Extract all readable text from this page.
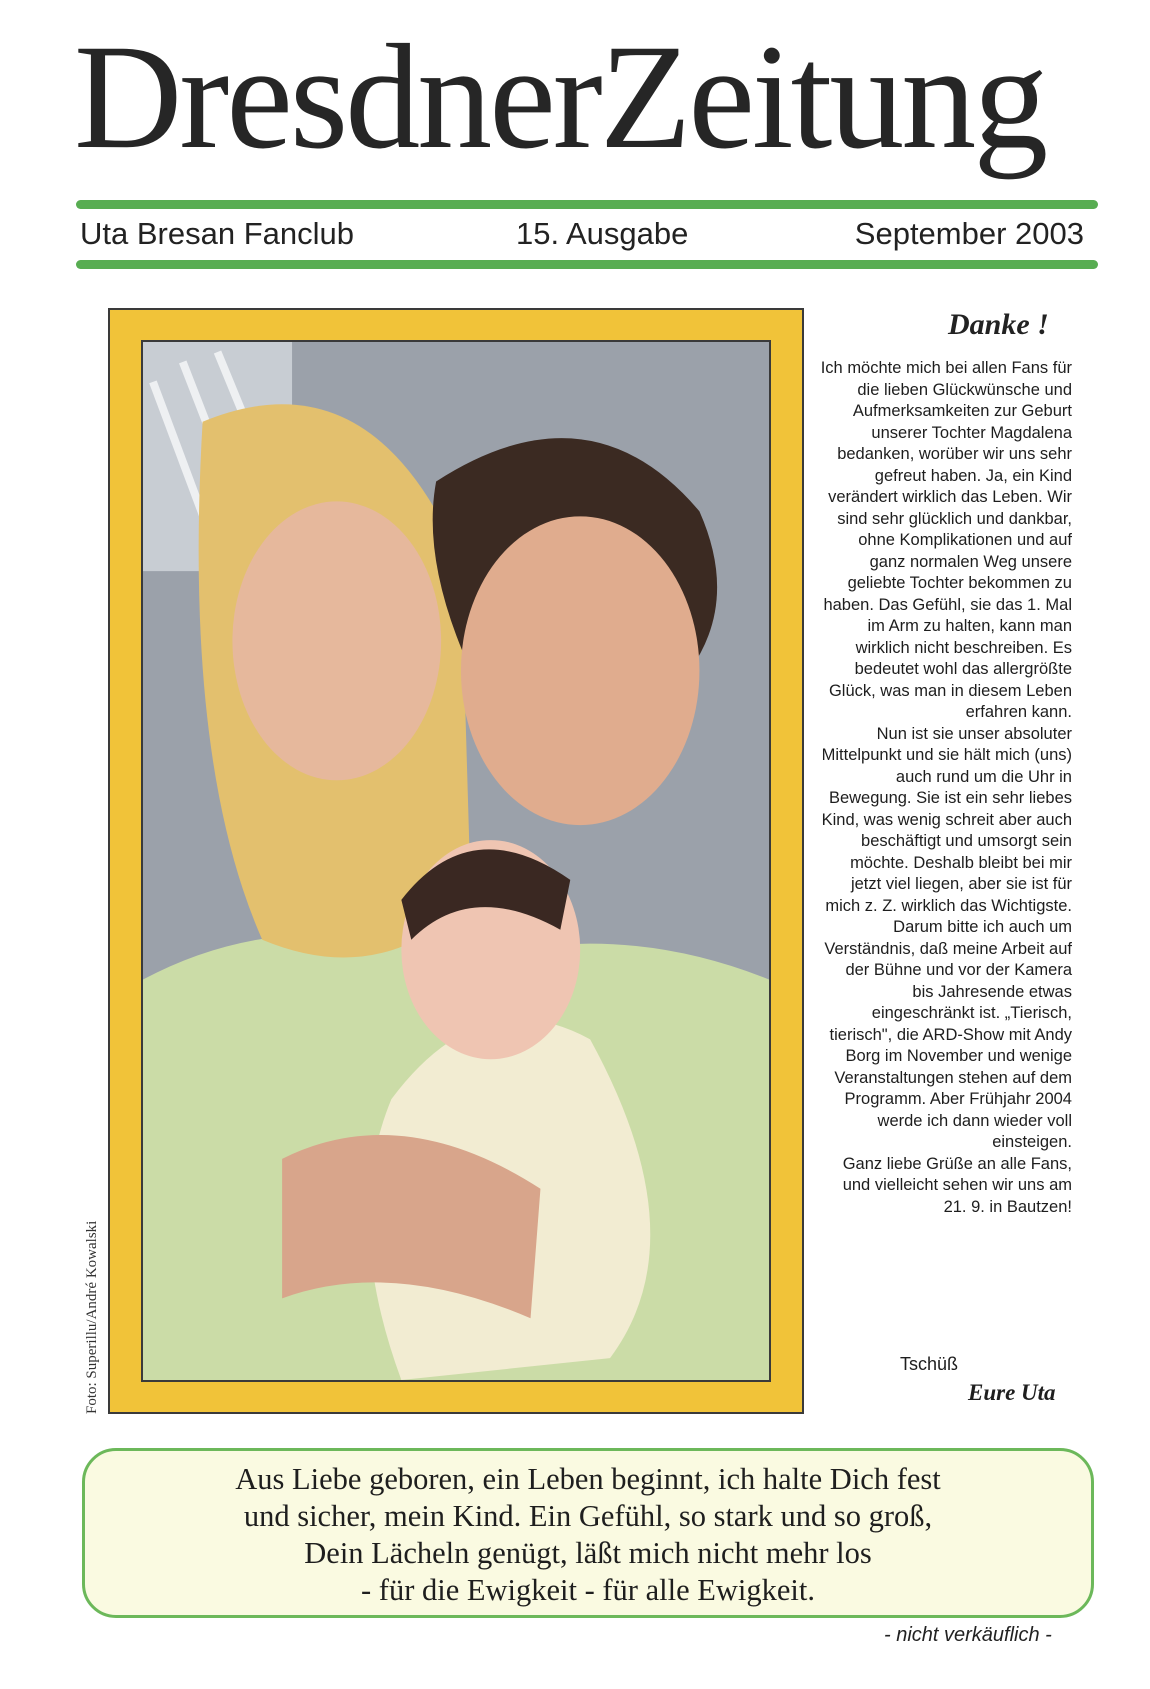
DresdnerZeitung
Uta Bresan Fanclub	15. Ausgabe	September 2003
Foto: Superillu/André Kowalski
Danke !

Ich möchte mich bei allen Fans für die lieben Glückwünsche und Aufmerksamkeiten zur Geburt unserer Tochter Magdalena bedanken, worüber wir uns sehr gefreut haben. Ja, ein Kind verändert wirklich das Leben. Wir sind sehr glücklich und dankbar, ohne Komplikationen und auf ganz normalen Weg unsere geliebte Tochter bekommen zu haben. Das Gefühl, sie das 1. Mal im Arm zu halten, kann man wirklich nicht beschreiben. Es bedeutet wohl das allergrößte Glück, was man in diesem Leben erfahren kann.

Nun ist sie unser absoluter Mittelpunkt und sie hält mich (uns) auch rund um die Uhr in Bewegung. Sie ist ein sehr liebes Kind, was wenig schreit aber auch beschäftigt und umsorgt sein möchte. Deshalb bleibt bei mir jetzt viel liegen, aber sie ist für mich z. Z. wirklich das Wichtigste. Darum bitte ich auch um Verständnis, daß meine Arbeit auf der Bühne und vor der Kamera bis Jahresende etwas eingeschränkt ist. „Tierisch, tierisch", die ARD-Show mit Andy Borg im November und wenige Veranstaltungen stehen auf dem Programm. Aber Frühjahr 2004 werde ich dann wieder voll einsteigen.

Ganz liebe Grüße an alle Fans, und vielleicht sehen wir uns am 21. 9. in Bautzen!

Tschüß
Eure Uta

Aus Liebe geboren, ein Leben beginnt, ich halte Dich fest
und sicher, mein Kind. Ein Gefühl, so stark und so groß,
Dein Lächeln genügt, läßt mich nicht mehr los
- für die Ewigkeit - für alle Ewigkeit.

- nicht verkäuflich -
